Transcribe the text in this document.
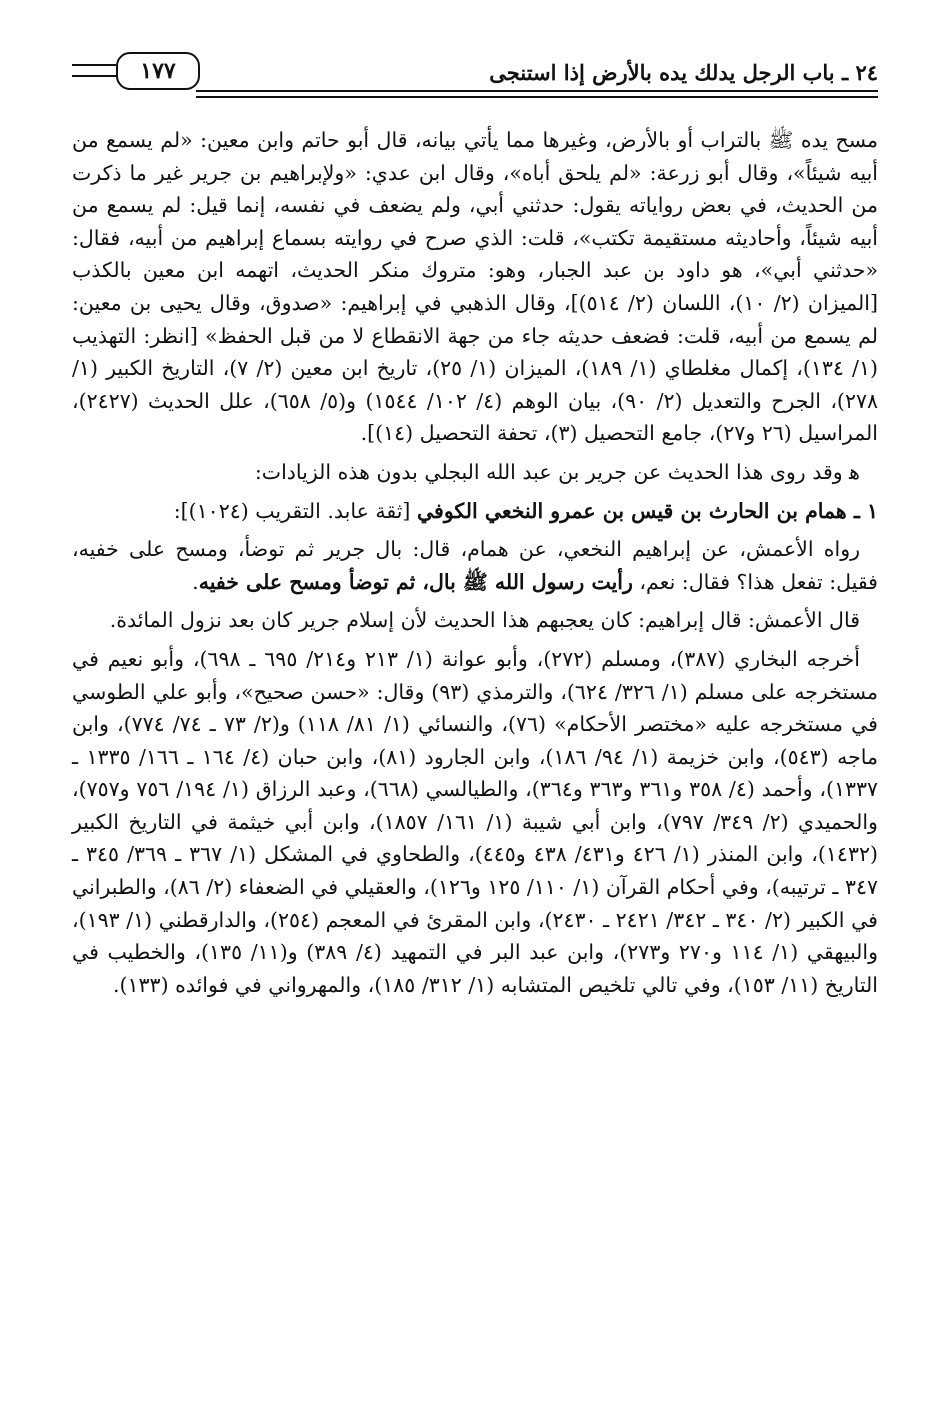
٢٤ ـ باب الرجل يدلك يده بالأرض إذا استنجى
١٧٧

مسح يده ﷺ بالتراب أو بالأرض، وغيرها مما يأتي بيانه، قال أبو حاتم وابن معين: «لم يسمع من أبيه شيئاً»، وقال أبو زرعة: «لم يلحق أباه»، وقال ابن عدي: «ولإبراهيم بن جرير غير ما ذكرت من الحديث، في بعض رواياته يقول: حدثني أبي، ولم يضعف في نفسه، إنما قيل: لم يسمع من أبيه شيئاً، وأحاديثه مستقيمة تكتب»، قلت: الذي صرح في روايته بسماع إبراهيم من أبيه، فقال: «حدثني أبي»، هو داود بن عبد الجبار، وهو: متروك منكر الحديث، اتهمه ابن معين بالكذب [الميزان (٢/ ١٠)، اللسان (٢/ ٥١٤)]، وقال الذهبي في إبراهيم: «صدوق، وقال يحيى بن معين: لم يسمع من أبيه، قلت: فضعف حديثه جاء من جهة الانقطاع لا من قبل الحفظ» [انظر: التهذيب (١/ ١٣٤)، إكمال مغلطاي (١/ ١٨٩)، الميزان (١/ ٢٥)، تاريخ ابن معين (٢/ ٧)، التاريخ الكبير (١/ ٢٧٨)، الجرح والتعديل (٢/ ٩٠)، بيان الوهم (٤/ ١٠٢/ ١٥٤٤) و(٥/ ٦٥٨)، علل الحديث (٢٤٢٧)، المراسيل (٢٦ و٢٧)، جامع التحصيل (٣)، تحفة التحصيل (١٤)].

ﻫ وقد روى هذا الحديث عن جرير بن عبد الله البجلي بدون هذه الزيادات:

١ ـ همام بن الحارث بن قيس بن عمرو النخعي الكوفي [ثقة عابد. التقريب (١٠٢٤)]:

رواه الأعمش، عن إبراهيم النخعي، عن همام، قال: بال جرير ثم توضأ، ومسح على خفيه، فقيل: تفعل هذا؟ فقال: نعم، رأيت رسول الله ﷺ بال، ثم توضأ ومسح على خفيه.

قال الأعمش: قال إبراهيم: كان يعجبهم هذا الحديث لأن إسلام جرير كان بعد نزول المائدة.

أخرجه البخاري (٣٨٧)، ومسلم (٢٧٢)، وأبو عوانة (١/ ٢١٣ و٢١٤/ ٦٩٥ ـ ٦٩٨)، وأبو نعيم في مستخرجه على مسلم (١/ ٣٢٦/ ٦٢٤)، والترمذي (٩٣) وقال: «حسن صحيح»، وأبو علي الطوسي في مستخرجه عليه «مختصر الأحكام» (٧٦)، والنسائي (١/ ٨١/ ١١٨) و(٢/ ٧٣ ـ ٧٤/ ٧٧٤)، وابن ماجه (٥٤٣)، وابن خزيمة (١/ ٩٤/ ١٨٦)، وابن الجارود (٨١)، وابن حبان (٤/ ١٦٤ ـ ١٦٦/ ١٣٣٥ ـ ١٣٣٧)، وأحمد (٤/ ٣٥٨ و٣٦١ و٣٦٣ و٣٦٤)، والطيالسي (٦٦٨)، وعبد الرزاق (١/ ١٩٤/ ٧٥٦ و٧٥٧)، والحميدي (٢/ ٣٤٩/ ٧٩٧)، وابن أبي شيبة (١/ ١٦١/ ١٨٥٧)، وابن أبي خيثمة في التاريخ الكبير (١٤٣٢)، وابن المنذر (١/ ٤٢٦ و٤٣١/ ٤٣٨ و٤٤٥)، والطحاوي في المشكل (١/ ٣٦٧ ـ ٣٦٩/ ٣٤٥ ـ ٣٤٧ ـ ترتيبه)، وفي أحكام القرآن (١/ ١١٠/ ١٢٥ و١٢٦)، والعقيلي في الضعفاء (٢/ ٨٦)، والطبراني في الكبير (٢/ ٣٤٠ ـ ٣٤٢/ ٢٤٢١ ـ ٢٤٣٠)، وابن المقرئ في المعجم (٢٥٤)، والدارقطني (١/ ١٩٣)، والبيهقي (١/ ١١٤ و٢٧٠ و٢٧٣)، وابن عبد البر في التمهيد (٤/ ٣٨٩) و(١١/ ١٣٥)، والخطيب في التاريخ (١١/ ١٥٣)، وفي تالي تلخيص المتشابه (١/ ٣١٢/ ١٨٥)، والمهرواني في فوائده (١٣٣).
